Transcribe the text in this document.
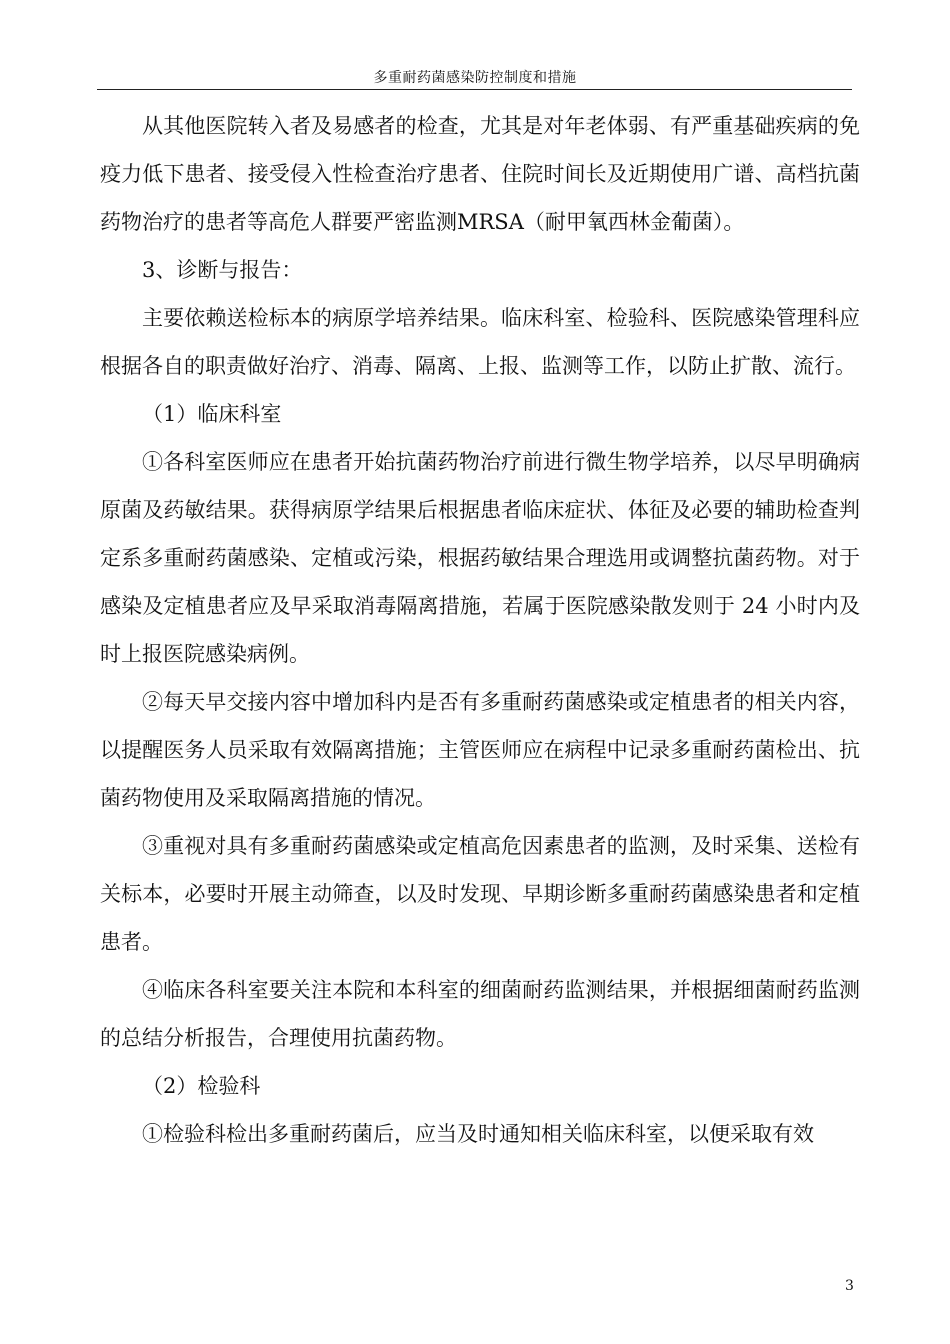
多重耐药菌感染防控制度和措施

从其他医院转入者及易感者的检查，尤其是对年老体弱、有严重基础疾病的免疫力低下患者、接受侵入性检查治疗患者、住院时间长及近期使用广谱、高档抗菌药物治疗的患者等高危人群要严密监测MRSA（耐甲氧西林金葡菌）。

3、诊断与报告：

主要依赖送检标本的病原学培养结果。临床科室、检验科、医院感染管理科应根据各自的职责做好治疗、消毒、隔离、上报、监测等工作，以防止扩散、流行。

（1）临床科室

①各科室医师应在患者开始抗菌药物治疗前进行微生物学培养，以尽早明确病原菌及药敏结果。获得病原学结果后根据患者临床症状、体征及必要的辅助检查判定系多重耐药菌感染、定植或污染，根据药敏结果合理选用或调整抗菌药物。对于感染及定植患者应及早采取消毒隔离措施，若属于医院感染散发则于 24 小时内及时上报医院感染病例。

②每天早交接内容中增加科内是否有多重耐药菌感染或定植患者的相关内容，以提醒医务人员采取有效隔离措施；主管医师应在病程中记录多重耐药菌检出、抗菌药物使用及采取隔离措施的情况。

③重视对具有多重耐药菌感染或定植高危因素患者的监测，及时采集、送检有关标本，必要时开展主动筛查，以及时发现、早期诊断多重耐药菌感染患者和定植患者。

④临床各科室要关注本院和本科室的细菌耐药监测结果，并根据细菌耐药监测的总结分析报告，合理使用抗菌药物。

（2）检验科

①检验科检出多重耐药菌后，应当及时通知相关临床科室，以便采取有效

3
